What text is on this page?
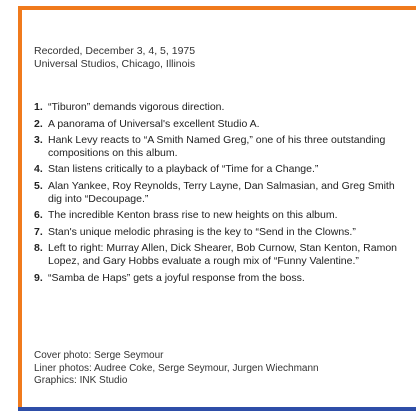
Recorded, December 3, 4, 5, 1975
Universal Studios, Chicago, Illinois
1. “Tiburon” demands vigorous direction.
2. A panorama of Universal's excellent Studio A.
3. Hank Levy reacts to “A Smith Named Greg,” one of his three outstanding compositions on this album.
4. Stan listens critically to a playback of “Time for a Change.”
5. Alan Yankee, Roy Reynolds, Terry Layne, Dan Salmasian, and Greg Smith dig into “Decoupage.”
6. The incredible Kenton brass rise to new heights on this album.
7. Stan's unique melodic phrasing is the key to “Send in the Clowns.”
8. Left to right: Murray Allen, Dick Shearer, Bob Curnow, Stan Kenton, Ramon Lopez, and Gary Hobbs evaluate a rough mix of “Funny Valentine.”
9. “Samba de Haps” gets a joyful response from the boss.
Cover photo: Serge Seymour
Liner photos: Audree Coke, Serge Seymour, Jurgen Wiechmann
Graphics: INK Studio
